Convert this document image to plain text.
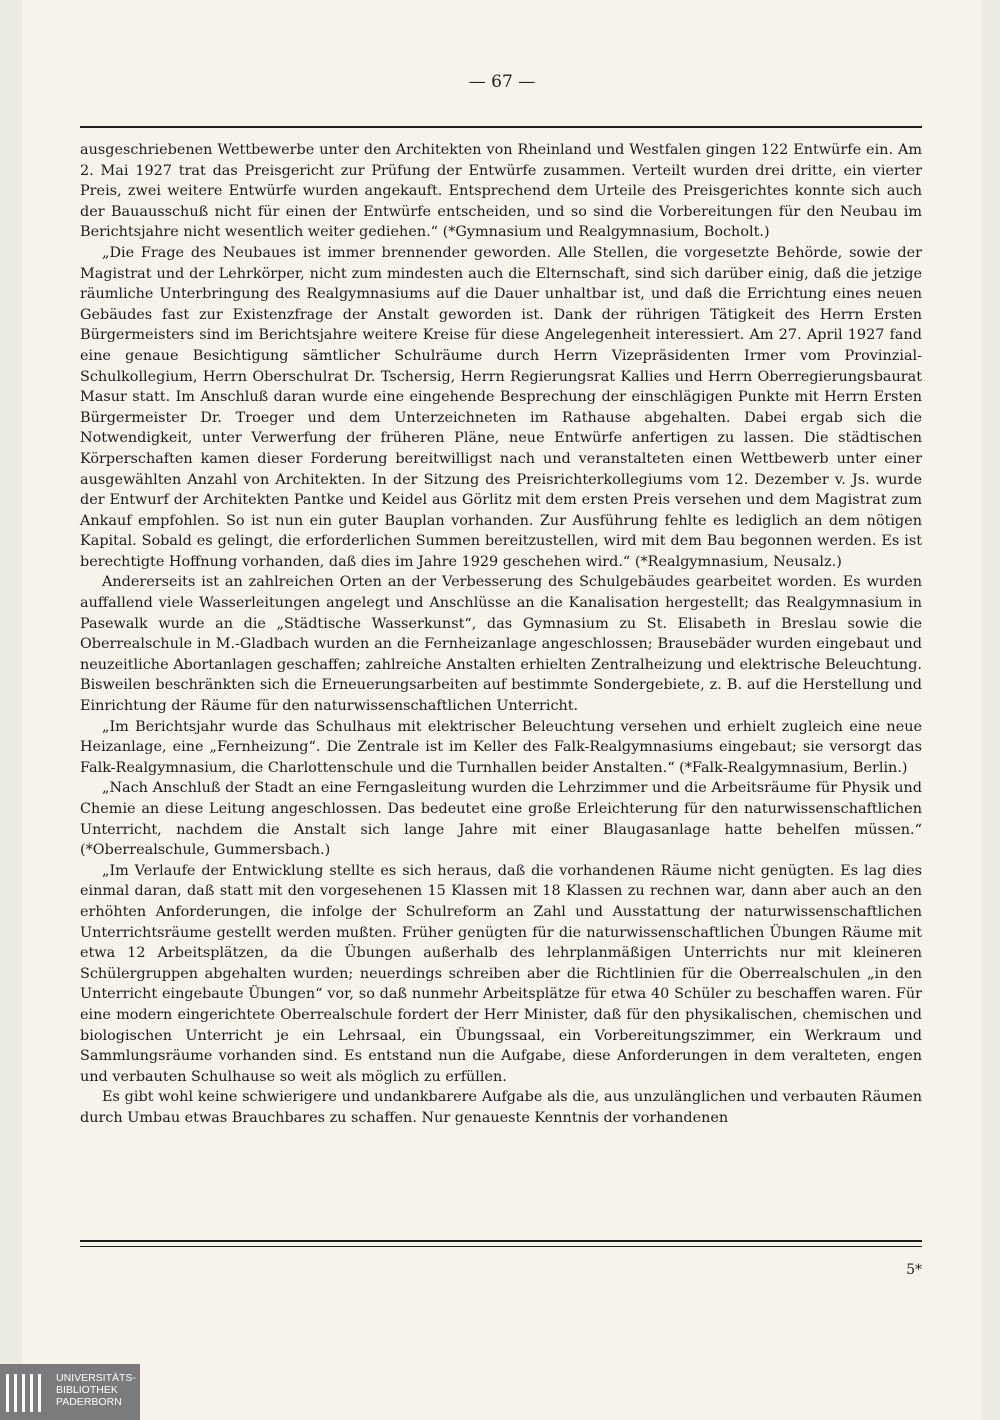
— 67 —

ausgeschriebenen Wettbewerbe unter den Architekten von Rheinland und Westfalen gingen 122 Entwürfe ein. Am 2. Mai 1927 trat das Preisgericht zur Prüfung der Entwürfe zusammen. Verteilt wurden drei dritte, ein vierter Preis, zwei weitere Entwürfe wurden angekauft. Entsprechend dem Urteile des Preisgerichtes konnte sich auch der Bauausschuß nicht für einen der Entwürfe entscheiden, und so sind die Vorbereitungen für den Neubau im Berichtsjahre nicht wesentlich weiter gediehen.“ (*Gymnasium und Realgymnasium, Bocholt.)

„Die Frage des Neubaues ist immer brennender geworden. Alle Stellen, die vorgesetzte Behörde, sowie der Magistrat und der Lehrkörper, nicht zum mindesten auch die Elternschaft, sind sich darüber einig, daß die jetzige räumliche Unterbringung des Realgymnasiums auf die Dauer unhaltbar ist, und daß die Errichtung eines neuen Gebäudes fast zur Existenzfrage der Anstalt geworden ist. Dank der rührigen Tätigkeit des Herrn Ersten Bürgermeisters sind im Berichtsjahre weitere Kreise für diese Angelegenheit interessiert. Am 27. April 1927 fand eine genaue Besichtigung sämtlicher Schulräume durch Herrn Vizepräsidenten Irmer vom Provinzial-Schulkollegium, Herrn Oberschulrat Dr. Tschersig, Herrn Regierungsrat Kallies und Herrn Oberregierungsbaurat Masur statt. Im Anschluß daran wurde eine eingehende Besprechung der einschlägigen Punkte mit Herrn Ersten Bürgermeister Dr. Troeger und dem Unterzeichneten im Rathause abgehalten. Dabei ergab sich die Notwendigkeit, unter Verwerfung der früheren Pläne, neue Entwürfe anfertigen zu lassen. Die städtischen Körperschaften kamen dieser Forderung bereitwilligst nach und veranstalteten einen Wettbewerb unter einer ausgewählten Anzahl von Architekten. In der Sitzung des Preisrichterkollegiums vom 12. Dezember v. Js. wurde der Entwurf der Architekten Pantke und Keidel aus Görlitz mit dem ersten Preis versehen und dem Magistrat zum Ankauf empfohlen. So ist nun ein guter Bauplan vorhanden. Zur Ausführung fehlte es lediglich an dem nötigen Kapital. Sobald es gelingt, die erforderlichen Summen bereitzustellen, wird mit dem Bau begonnen werden. Es ist berechtigte Hoffnung vorhanden, daß dies im Jahre 1929 geschehen wird.“ (*Realgymnasium, Neusalz.)

Andererseits ist an zahlreichen Orten an der Verbesserung des Schulgebäudes gearbeitet worden. Es wurden auffallend viele Wasserleitungen angelegt und Anschlüsse an die Kanalisation hergestellt; das Realgymnasium in Pasewalk wurde an die „Städtische Wasserkunst“, das Gymnasium zu St. Elisabeth in Breslau sowie die Oberrealschule in M.-Gladbach wurden an die Fernheizanlage angeschlossen; Brausebäder wurden eingebaut und neuzeitliche Abortanlagen geschaffen; zahlreiche Anstalten erhielten Zentralheizung und elektrische Beleuchtung. Bisweilen beschränkten sich die Erneuerungsarbeiten auf bestimmte Sondergebiete, z. B. auf die Herstellung und Einrichtung der Räume für den naturwissenschaftlichen Unterricht.

„Im Berichtsjahr wurde das Schulhaus mit elektrischer Beleuchtung versehen und erhielt zugleich eine neue Heizanlage, eine „Fernheizung“. Die Zentrale ist im Keller des Falk-Realgymnasiums eingebaut; sie versorgt das Falk-Realgymnasium, die Charlottenschule und die Turnhallen beider Anstalten.“ (*Falk-Realgymnasium, Berlin.)

„Nach Anschluß der Stadt an eine Ferngasleitung wurden die Lehrzimmer und die Arbeitsräume für Physik und Chemie an diese Leitung angeschlossen. Das bedeutet eine große Erleichterung für den naturwissenschaftlichen Unterricht, nachdem die Anstalt sich lange Jahre mit einer Blaugasanlage hatte behelfen müssen.“ (*Oberrealschule, Gummersbach.)

„Im Verlaufe der Entwicklung stellte es sich heraus, daß die vorhandenen Räume nicht genügten. Es lag dies einmal daran, daß statt mit den vorgesehenen 15 Klassen mit 18 Klassen zu rechnen war, dann aber auch an den erhöhten Anforderungen, die infolge der Schulreform an Zahl und Ausstattung der naturwissenschaftlichen Unterrichtsräume gestellt werden mußten. Früher genügten für die naturwissenschaftlichen Übungen Räume mit etwa 12 Arbeitsplätzen, da die Übungen außerhalb des lehrplanmäßigen Unterrichts nur mit kleineren Schülergruppen abgehalten wurden; neuerdings schreiben aber die Richtlinien für die Oberrealschulen „in den Unterricht eingebaute Übungen“ vor, so daß nunmehr Arbeitsplätze für etwa 40 Schüler zu beschaffen waren. Für eine modern eingerichtete Oberrealschule fordert der Herr Minister, daß für den physikalischen, chemischen und biologischen Unterricht je ein Lehrsaal, ein Übungssaal, ein Vorbereitungszimmer, ein Werkraum und Sammlungsräume vorhanden sind. Es entstand nun die Aufgabe, diese Anforderungen in dem veralteten, engen und verbauten Schulhause so weit als möglich zu erfüllen.

Es gibt wohl keine schwierigere und undankbarere Aufgabe als die, aus unzulänglichen und verbauten Räumen durch Umbau etwas Brauchbares zu schaffen. Nur genaueste Kenntnis der vorhandenen

5*
UNIVERSITÄTS-
BIBLIOTHEK
PADERBORN
